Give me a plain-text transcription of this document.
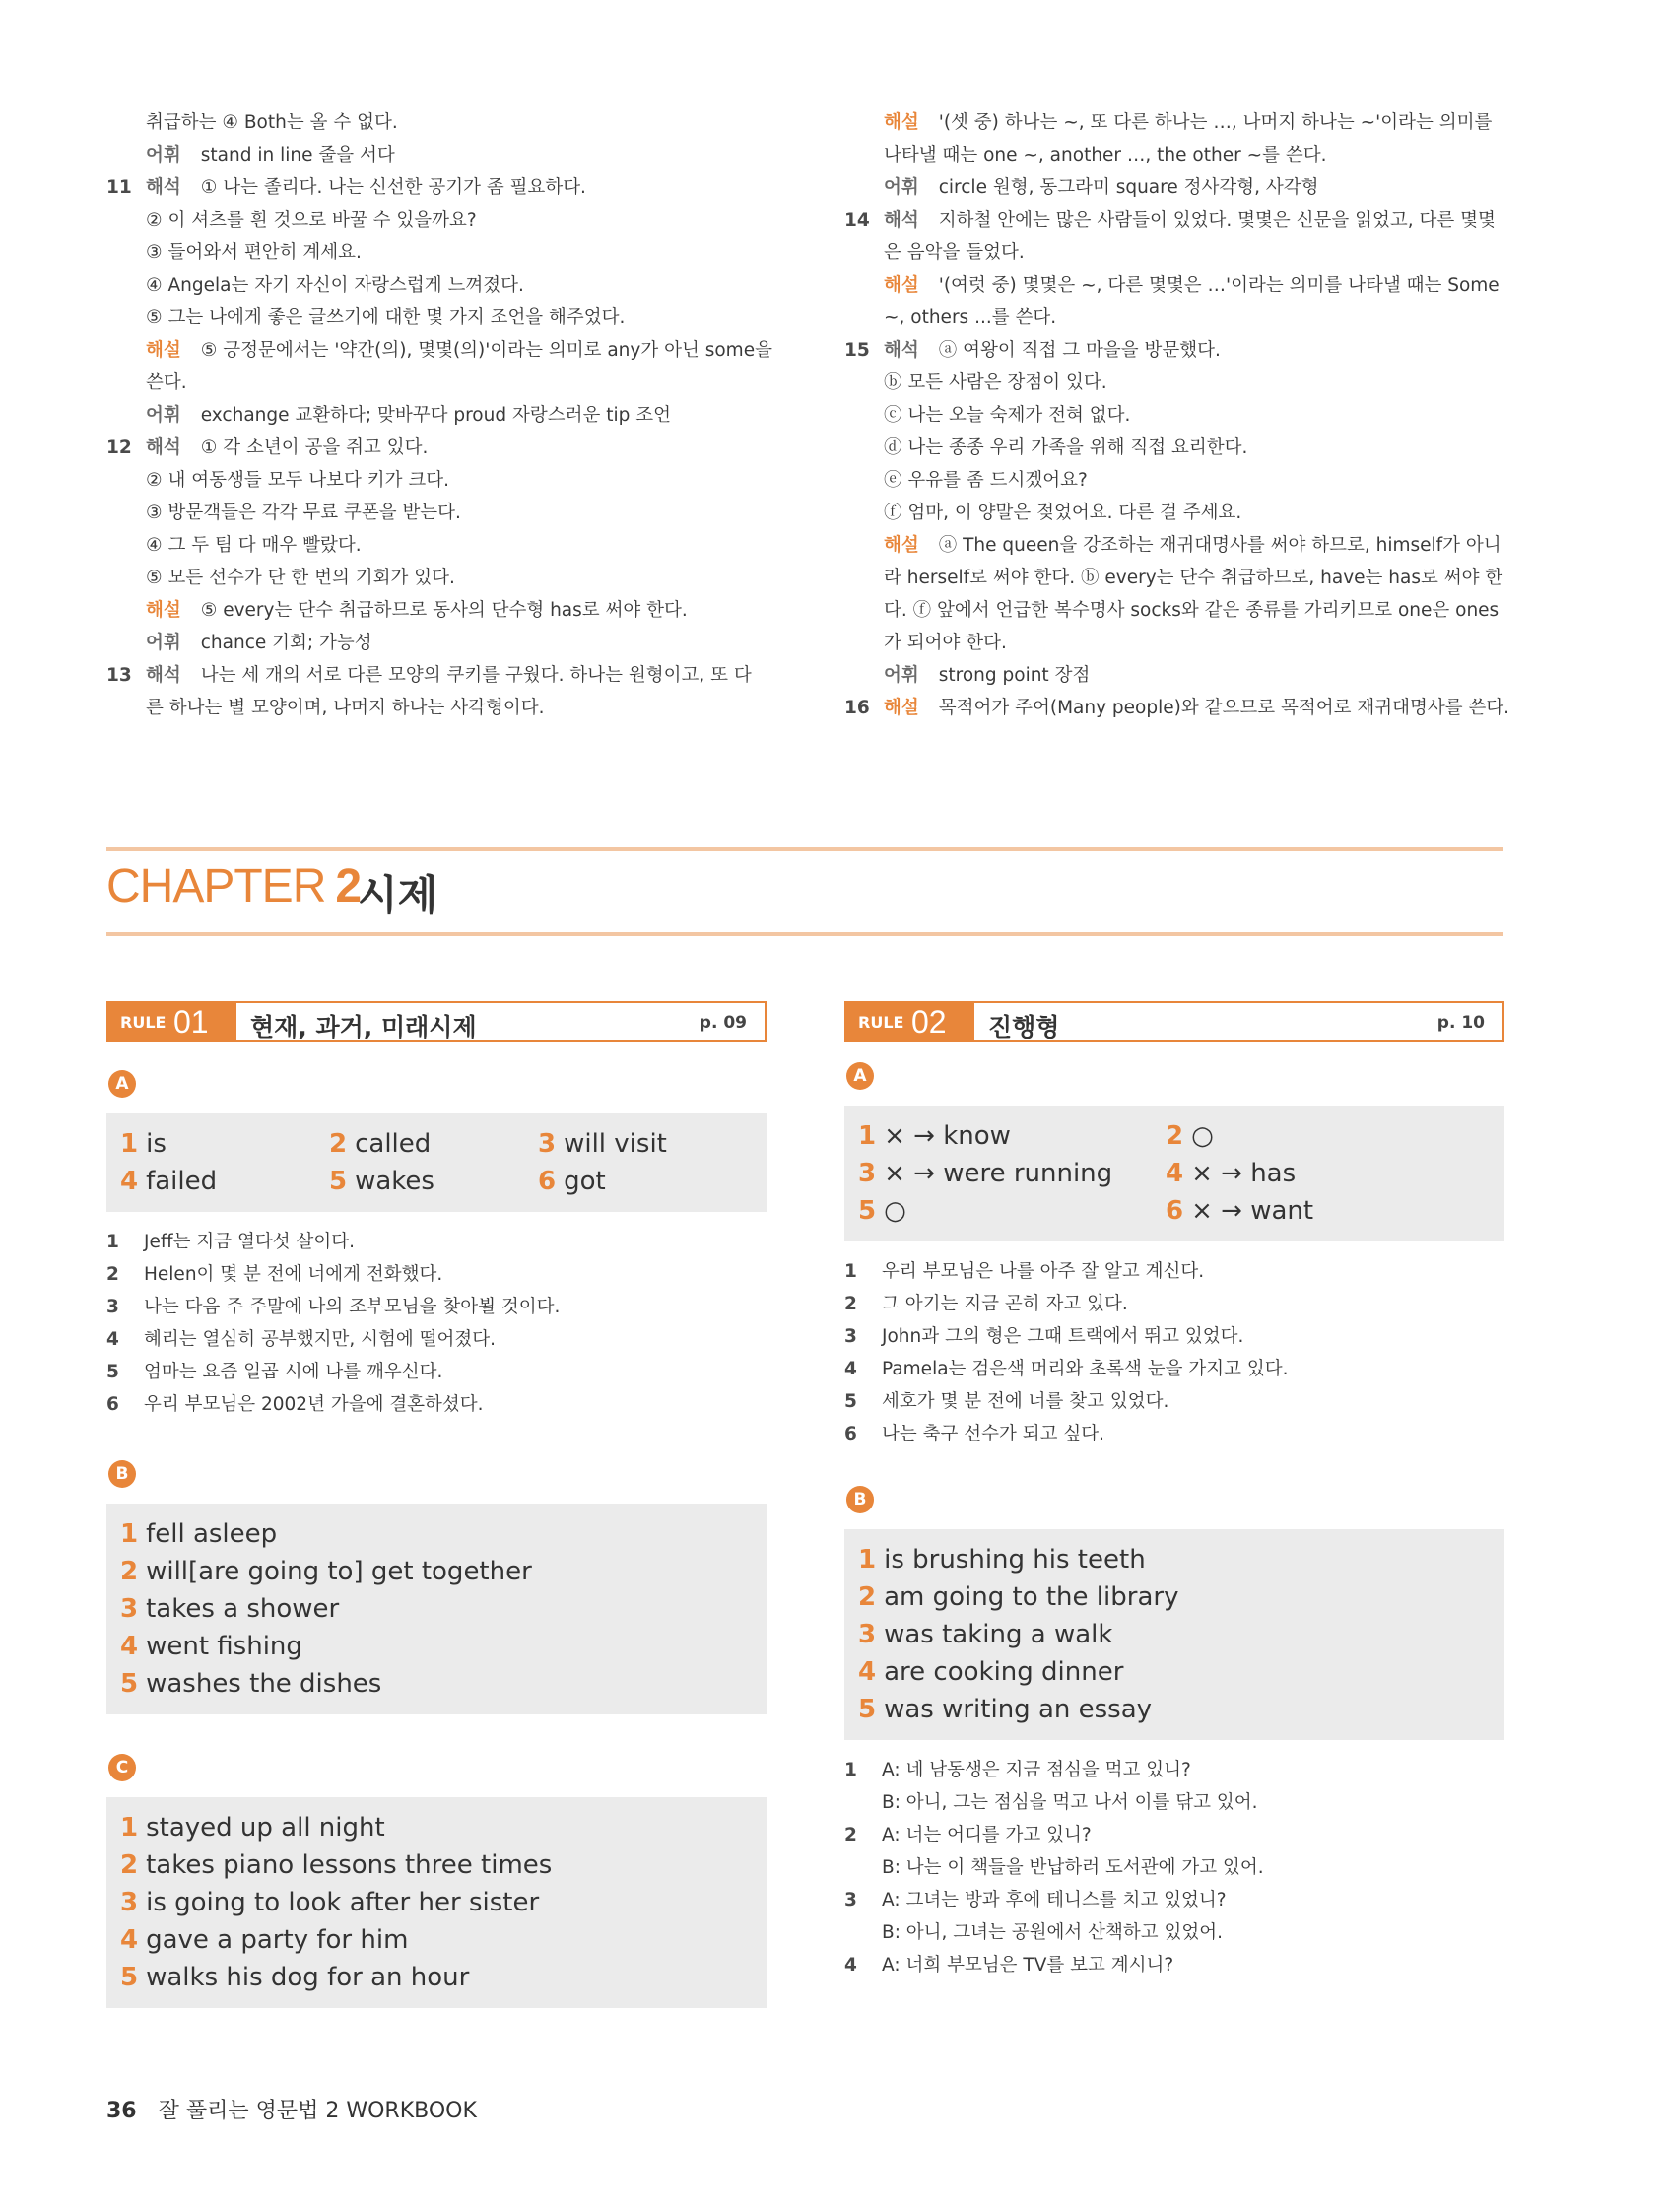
취급하는 ④ Both는 올 수 없다.
어휘 stand in line 줄을 서다
11 해석 ① 나는 졸리다. 나는 신선한 공기가 좀 필요하다.
② 이 셔츠를 흰 것으로 바꿀 수 있을까요?
③ 들어와서 편안히 계세요.
④ Angela는 자기 자신이 자랑스럽게 느껴졌다.
⑤ 그는 나에게 좋은 글쓰기에 대한 몇 가지 조언을 해주었다.
해설 ⑤ 긍정문에서는 '약간(의), 몇몇(의)'이라는 의미로 any가 아닌 some을
쓴다.
어휘 exchange 교환하다; 맞바꾸다 proud 자랑스러운 tip 조언
12 해석 ① 각 소년이 공을 쥐고 있다.
② 내 여동생들 모두 나보다 키가 크다.
③ 방문객들은 각각 무료 쿠폰을 받는다.
④ 그 두 팀 다 매우 빨랐다.
⑤ 모든 선수가 단 한 번의 기회가 있다.
해설 ⑤ every는 단수 취급하므로 동사의 단수형 has로 써야 한다.
어휘 chance 기회; 가능성
13 해석 나는 세 개의 서로 다른 모양의 쿠키를 구웠다. 하나는 원형이고, 또 다
른 하나는 별 모양이며, 나머지 하나는 사각형이다.
해설 '(셋 중) 하나는 ~, 또 다른 하나는 …, 나머지 하나는 ~'이라는 의미를
나타낼 때는 one ~, another …, the other ~를 쓴다.
어휘 circle 원형, 동그라미 square 정사각형, 사각형
14 해석 지하철 안에는 많은 사람들이 있었다. 몇몇은 신문을 읽었고, 다른 몇몇
은 음악을 들었다.
해설 '(여럿 중) 몇몇은 ~, 다른 몇몇은 …'이라는 의미를 나타낼 때는 Some
~, others ...를 쓴다.
15 해석 ⓐ 여왕이 직접 그 마을을 방문했다.
ⓑ 모든 사람은 장점이 있다.
ⓒ 나는 오늘 숙제가 전혀 없다.
ⓓ 나는 종종 우리 가족을 위해 직접 요리한다.
ⓔ 우유를 좀 드시겠어요?
ⓕ 엄마, 이 양말은 젖었어요. 다른 걸 주세요.
해설 ⓐ The queen을 강조하는 재귀대명사를 써야 하므로, himself가 아니
라 herself로 써야 한다. ⓑ every는 단수 취급하므로, have는 has로 써야 한
다. ⓕ 앞에서 언급한 복수명사 socks와 같은 종류를 가리키므로 one은 ones
가 되어야 한다.
어휘 strong point 장점
16 해설 목적어가 주어(Many people)와 같으므로 목적어로 재귀대명사를 쓴다.
CHAPTER 2
시제
RULE 01 현재, 과거, 미래시제	p. 09
A
1 is	2 called	3 will visit
4 failed	5 wakes	6 got
1 Jeff는 지금 열다섯 살이다.
2 Helen이 몇 분 전에 너에게 전화했다.
3 나는 다음 주 주말에 나의 조부모님을 찾아뵐 것이다.
4 혜리는 열심히 공부했지만, 시험에 떨어졌다.
5 엄마는 요즘 일곱 시에 나를 깨우신다.
6 우리 부모님은 2002년 가을에 결혼하셨다.
B
1 fell asleep
2 will[are going to] get together
3 takes a shower
4 went fishing
5 washes the dishes
C
1 stayed up all night
2 takes piano lessons three times
3 is going to look after her sister
4 gave a party for him
5 walks his dog for an hour
RULE 02 진행형	p. 10
A
1 × → know	2 ○
3 × → were running	4 × → has
5 ○	6 × → want
1 우리 부모님은 나를 아주 잘 알고 계신다.
2 그 아기는 지금 곤히 자고 있다.
3 John과 그의 형은 그때 트랙에서 뛰고 있었다.
4 Pamela는 검은색 머리와 초록색 눈을 가지고 있다.
5 세호가 몇 분 전에 너를 찾고 있었다.
6 나는 축구 선수가 되고 싶다.
B
1 is brushing his teeth
2 am going to the library
3 was taking a walk
4 are cooking dinner
5 was writing an essay
1 A: 네 남동생은 지금 점심을 먹고 있니?
B: 아니, 그는 점심을 먹고 나서 이를 닦고 있어.
2 A: 너는 어디를 가고 있니?
B: 나는 이 책들을 반납하러 도서관에 가고 있어.
3 A: 그녀는 방과 후에 테니스를 치고 있었니?
B: 아니, 그녀는 공원에서 산책하고 있었어.
4 A: 너희 부모님은 TV를 보고 계시니?
36 잘 풀리는 영문법 2 WORKBOOK
